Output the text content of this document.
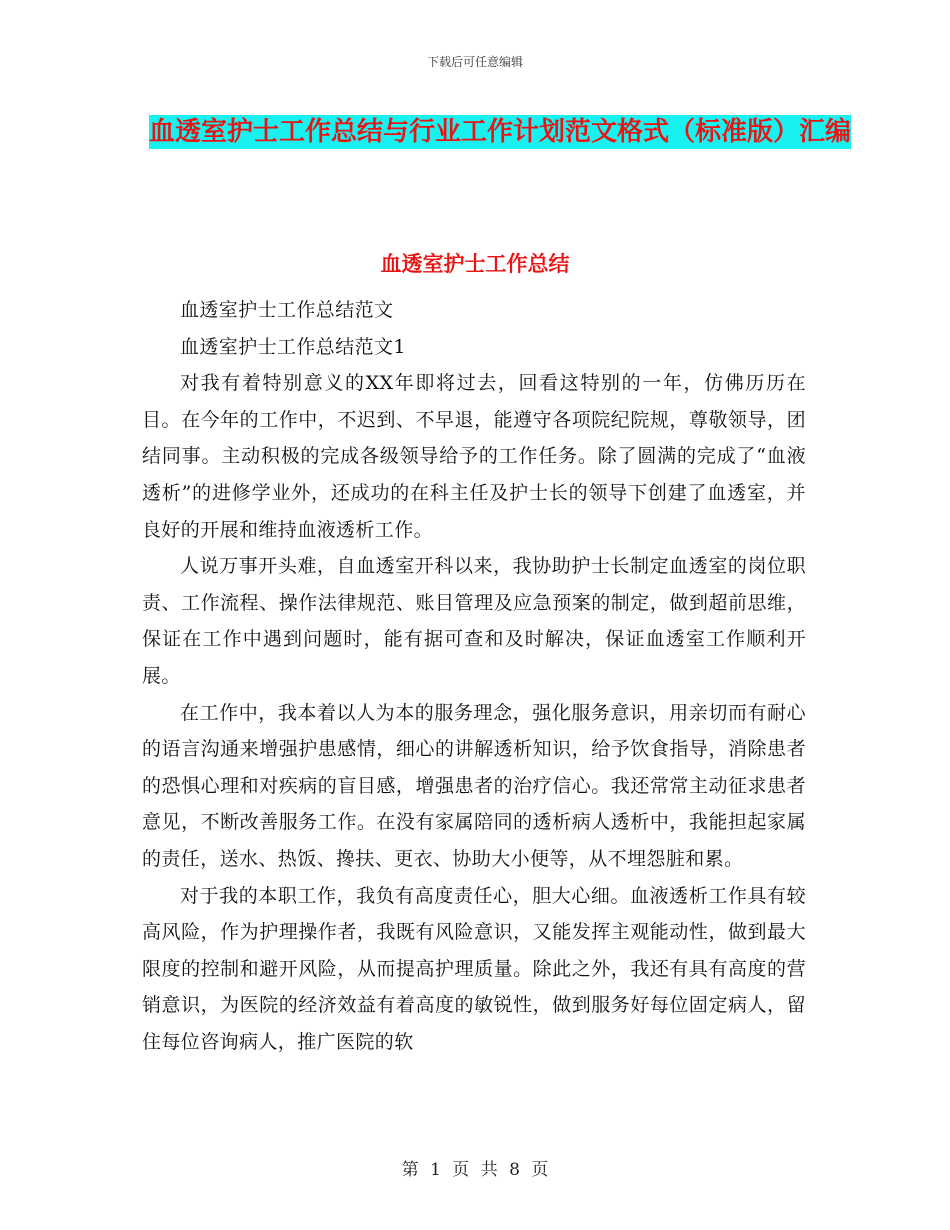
下载后可任意编辑
血透室护士工作总结与行业工作计划范文格式（标准版）汇编
血透室护士工作总结

血透室护士工作总结范文

血透室护士工作总结范文1

对我有着特别意义的XX年即将过去，回看这特别的一年，仿佛历历在目。在今年的工作中，不迟到、不早退，能遵守各项院纪院规，尊敬领导，团结同事。主动积极的完成各级领导给予的工作任务。除了圆满的完成了“血液透析”的进修学业外，还成功的在科主任及护士长的领导下创建了血透室，并良好的开展和维持血液透析工作。

人说万事开头难，自血透室开科以来，我协助护士长制定血透室的岗位职责、工作流程、操作法律规范、账目管理及应急预案的制定，做到超前思维，保证在工作中遇到问题时，能有据可查和及时解决，保证血透室工作顺利开展。

在工作中，我本着以人为本的服务理念，强化服务意识，用亲切而有耐心的语言沟通来增强护患感情，细心的讲解透析知识，给予饮食指导，消除患者的恐惧心理和对疾病的盲目感，增强患者的治疗信心。我还常常主动征求患者意见，不断改善服务工作。在没有家属陪同的透析病人透析中，我能担起家属的责任，送水、热饭、搀扶、更衣、协助大小便等，从不埋怨脏和累。

对于我的本职工作，我负有高度责任心，胆大心细。血液透析工作具有较高风险，作为护理操作者，我既有风险意识，又能发挥主观能动性，做到最大限度的控制和避开风险，从而提高护理质量。除此之外，我还有具有高度的营销意识，为医院的经济效益有着高度的敏锐性，做到服务好每位固定病人，留住每位咨询病人，推广医院的软

第 1 页 共 8 页
